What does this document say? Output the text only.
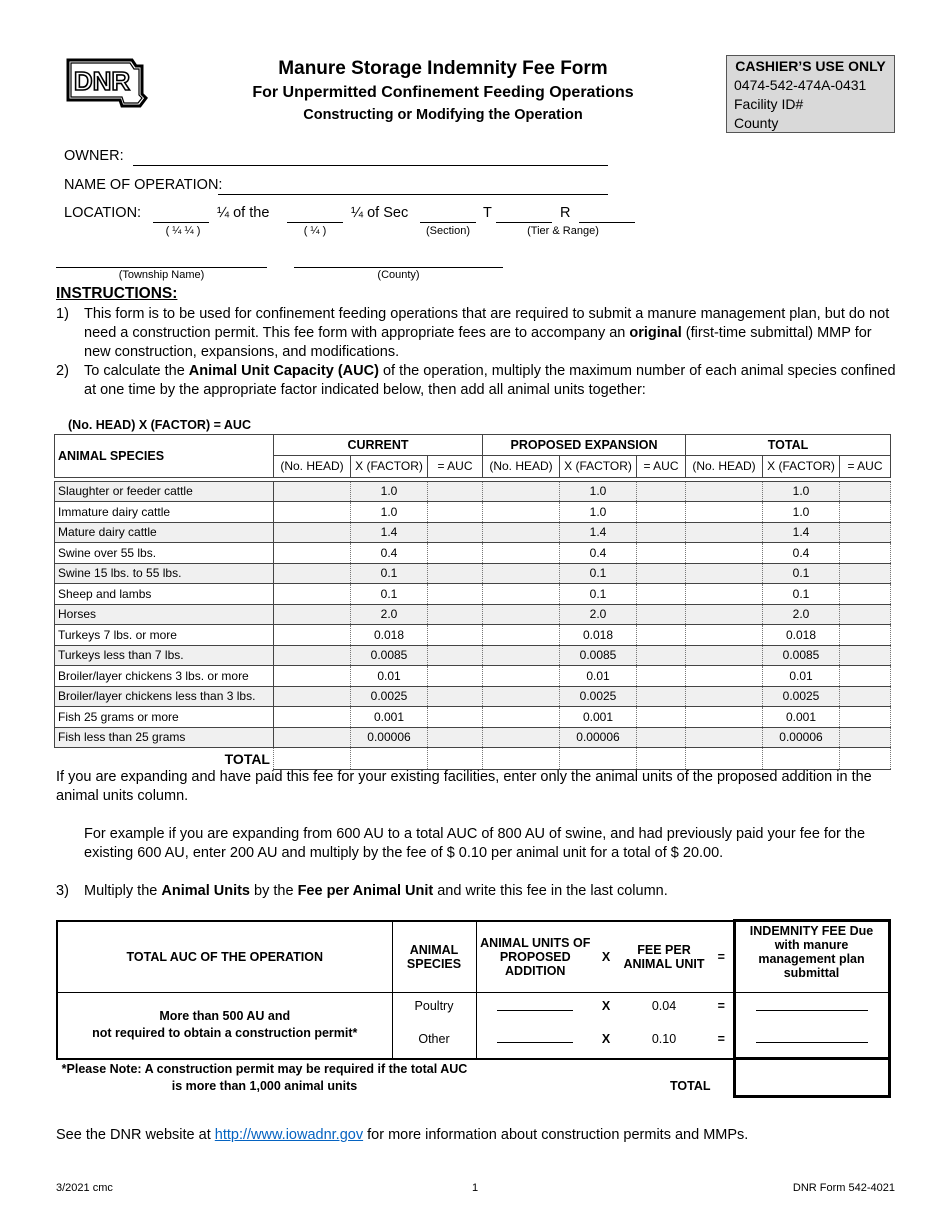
DNR	Manure Storage Indemnity Fee Form
For Unpermitted Confinement Feeding Operations
Constructing or Modifying the Operation
CASHIER’S USE ONLY
0474-542-474A-0431
Facility ID#
County
OWNER:
NAME OF OPERATION:
LOCATION:	¼ of the	¼ of Sec	T	R
( ¼ ¼ )	( ¼ )	(Section)	(Tier & Range)
(Township Name)	(County)
INSTRUCTIONS:
1) This form is to be used for confinement feeding operations that are required to submit a manure management plan, but do not need a construction permit. This fee form with appropriate fees are to accompany an original (first-time submittal) MMP for new construction, expansions, and modifications.
2) To calculate the Animal Unit Capacity (AUC) of the operation, multiply the maximum number of each animal species confined at one time by the appropriate factor indicated below, then add all animal units together:
(No. HEAD) X (FACTOR) = AUC
ANIMAL SPECIES	CURRENT			PROPOSED EXPANSION			TOTAL		
	(No. HEAD)	X (FACTOR)	= AUC	(No. HEAD)	X (FACTOR)	= AUC	(No. HEAD)	X (FACTOR)	= AUC

Slaughter or feeder cattle		1.0			1.0			1.0	
Immature dairy cattle		1.0			1.0			1.0	
Mature dairy cattle		1.4			1.4			1.4	
Swine over 55 lbs.		0.4			0.4			0.4	
Swine 15 lbs. to 55 lbs.		0.1			0.1			0.1	
Sheep and lambs		0.1			0.1			0.1	
Horses		2.0			2.0			2.0	
Turkeys 7 lbs. or more		0.018			0.018			0.018	
Turkeys less than 7 lbs.		0.0085			0.0085			0.0085	
Broiler/layer chickens 3 lbs. or more		0.01			0.01			0.01	
Broiler/layer chickens less than 3 lbs.		0.0025			0.0025			0.0025	
Fish 25 grams or more		0.001			0.001			0.001	
Fish less than 25 grams		0.00006			0.00006			0.00006	
TOTAL									
If you are expanding and have paid this fee for your existing facilities, enter only the animal units of the proposed addition in the animal units column.
For example if you are expanding from 600 AU to a total AUC of 800 AU of swine, and had previously paid your fee for the existing 600 AU, enter 200 AU and multiply by the fee of $ 0.10 per animal unit for a total of $ 20.00.
3) Multiply the Animal Units by the Fee per Animal Unit and write this fee in the last column.
TOTAL AUC OF THE OPERATION	ANIMAL SPECIES	ANIMAL UNITS OF PROPOSED ADDITION	X	FEE PER ANIMAL UNIT	=	INDEMNITY FEE Due with manure management plan submittal

More than 500 AU and
not required to obtain a construction permit*	Poultry		X	0.04	=	
	Other		X	0.10	=	
*Please Note: A construction permit may be required if the total AUC is more than 1,000 animal units		TOTAL				
See the DNR website at http://www.iowadnr.gov for more information about construction permits and MMPs.
3/2021 cmc	1	DNR Form 542-4021
